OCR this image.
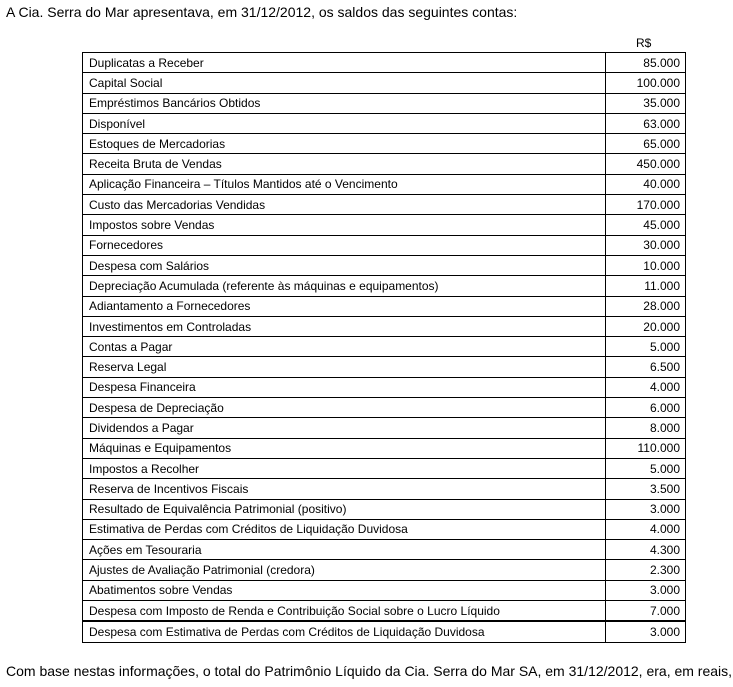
A Cia. Serra do Mar apresentava, em 31/12/2012, os saldos das seguintes contas:
R$
Duplicatas a Receber	85.000
Capital Social	100.000
Empréstimos Bancários Obtidos	35.000
Disponível	63.000
Estoques de Mercadorias	65.000
Receita Bruta de Vendas	450.000
Aplicação Financeira – Títulos Mantidos até o Vencimento	40.000
Custo das Mercadorias Vendidas	170.000
Impostos sobre Vendas	45.000
Fornecedores	30.000
Despesa com Salários	10.000
Depreciação Acumulada (referente às máquinas e equipamentos)	11.000
Adiantamento a Fornecedores	28.000
Investimentos em Controladas	20.000
Contas a Pagar	5.000
Reserva Legal	6.500
Despesa Financeira	4.000
Despesa de Depreciação	6.000
Dividendos a Pagar	8.000
Máquinas e Equipamentos	110.000
Impostos a Recolher	5.000
Reserva de Incentivos Fiscais	3.500
Resultado de Equivalência Patrimonial (positivo)	3.000
Estimativa de Perdas com Créditos de Liquidação Duvidosa	4.000
Ações em Tesouraria	4.300
Ajustes de Avaliação Patrimonial (credora)	2.300
Abatimentos sobre Vendas	3.000
Despesa com Imposto de Renda e Contribuição Social sobre o Lucro Líquido	7.000
Despesa com Estimativa de Perdas com Créditos de Liquidação Duvidosa	3.000
Com base nestas informações, o total do Patrimônio Líquido da Cia. Serra do Mar SA, em 31/12/2012, era, em reais,
